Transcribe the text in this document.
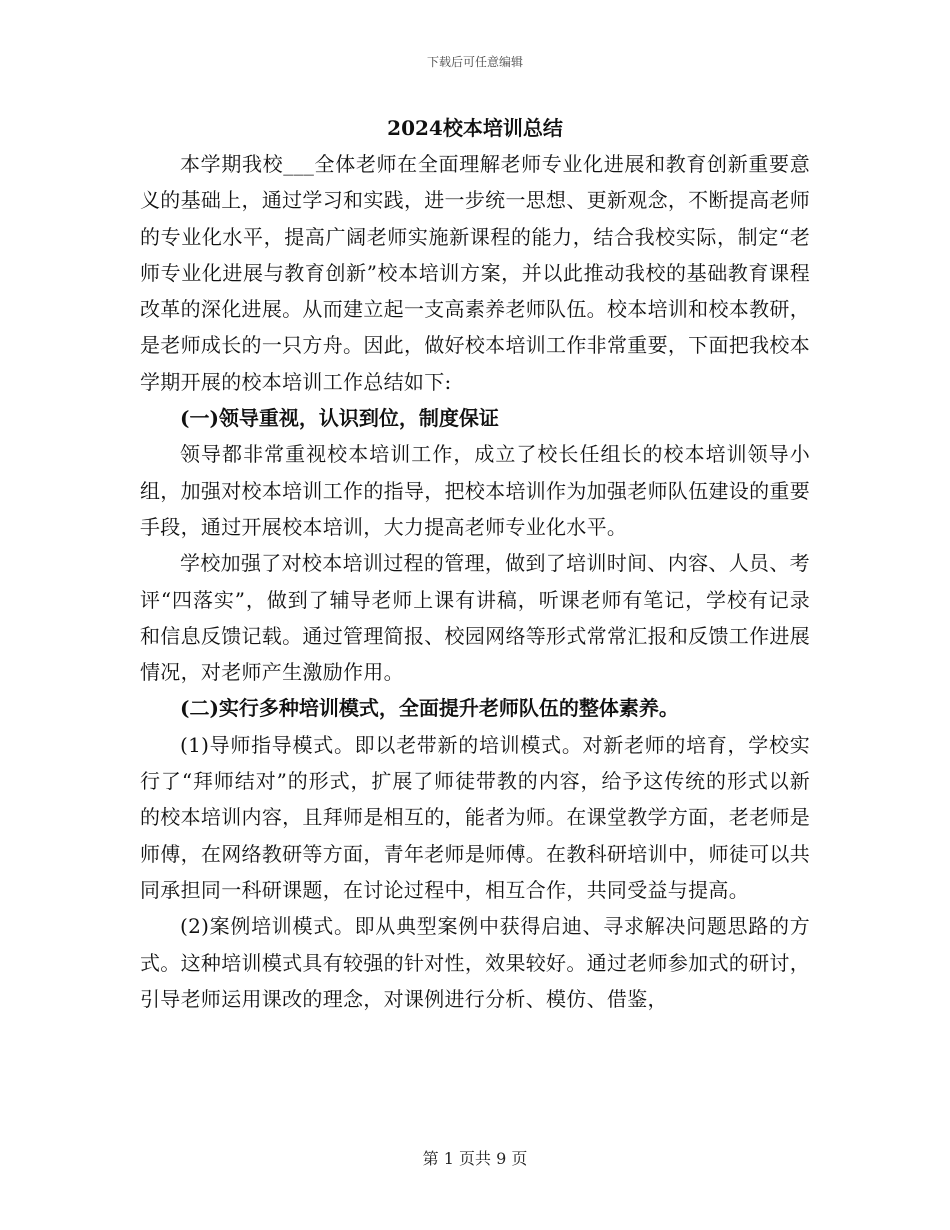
下载后可任意编辑
2024校本培训总结

本学期我校___全体老师在全面理解老师专业化进展和教育创新重要意义的基础上，通过学习和实践，进一步统一思想、更新观念，不断提高老师的专业化水平，提高广阔老师实施新课程的能力，结合我校实际，制定“老师专业化进展与教育创新”校本培训方案，并以此推动我校的基础教育课程改革的深化进展。从而建立起一支高素养老师队伍。校本培训和校本教研，是老师成长的一只方舟。因此，做好校本培训工作非常重要，下面把我校本学期开展的校本培训工作总结如下:

(一)领导重视，认识到位，制度保证

领导都非常重视校本培训工作，成立了校长任组长的校本培训领导小组，加强对校本培训工作的指导，把校本培训作为加强老师队伍建设的重要手段，通过开展校本培训，大力提高老师专业化水平。

学校加强了对校本培训过程的管理，做到了培训时间、内容、人员、考评“四落实”，做到了辅导老师上课有讲稿，听课老师有笔记，学校有记录和信息反馈记载。通过管理简报、校园网络等形式常常汇报和反馈工作进展情况，对老师产生激励作用。

(二)实行多种培训模式，全面提升老师队伍的整体素养。

(1)导师指导模式。即以老带新的培训模式。对新老师的培育，学校实行了“拜师结对”的形式，扩展了师徒带教的内容，给予这传统的形式以新的校本培训内容，且拜师是相互的，能者为师。在课堂教学方面，老老师是师傅，在网络教研等方面，青年老师是师傅。在教科研培训中，师徒可以共同承担同一科研课题，在讨论过程中，相互合作，共同受益与提高。

(2)案例培训模式。即从典型案例中获得启迪、寻求解决问题思路的方式。这种培训模式具有较强的针对性，效果较好。通过老师参加式的研讨，引导老师运用课改的理念，对课例进行分析、模仿、借鉴，

第 1 页共 9 页
